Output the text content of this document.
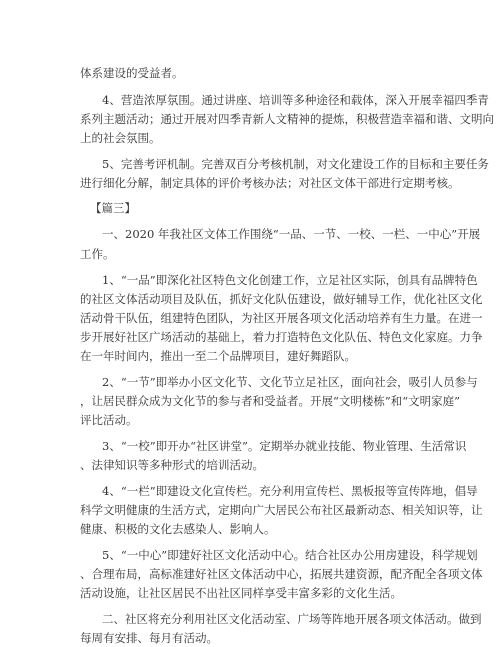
体系建设的受益者。
4、营造浓厚氛围。通过讲座、培训等多种途径和载体，深入开展幸福四季青
系列主题活动；通过开展对四季青新人文精神的提炼，积极营造幸福和谐、文明向
上的社会氛围。
5、完善考评机制。完善双百分考核机制，对文化建设工作的目标和主要任务
进行细化分解，制定具体的评价考核办法；对社区文体干部进行定期考核。
【篇三】
一、2020 年我社区文体工作围绕“一品、一节、一校、一栏、一中心”开展
工作。
1、“一品”即深化社区特色文化创建工作，立足社区实际，创具有品牌特色
的社区文体活动项目及队伍，抓好文化队伍建设，做好辅导工作，优化社区文化
活动骨干队伍，组建特色团队，为社区开展各项文化活动培养有生力量。在进一
步开展好社区广场活动的基础上，着力打造特色文化队伍、特色文化家庭。力争
在一年时间内，推出一至二个品牌项目，建好舞蹈队。
2、“一节”即举办小区文化节、文化节立足社区，面向社会，吸引人员参与
，让居民群众成为文化节的参与者和受益者。开展“文明楼栋”和“文明家庭”
评比活动。
3、“一校”即开办“社区讲堂”。定期举办就业技能、物业管理、生活常识
、法律知识等多种形式的培训活动。
4、“一栏”即建设文化宣传栏。充分利用宣传栏、黑板报等宣传阵地，倡导
科学文明健康的生活方式，定期向广大居民公布社区最新动态、相关知识等，让
健康、积极的文化去感染人、影响人。
5、“一中心”即建好社区文化活动中心。结合社区办公用房建设，科学规划
、合理布局，高标准建好社区文体活动中心，拓展共建资源，配齐配全各项文体
活动设施，让社区居民不出社区同样享受丰富多彩的文化生活。
二、社区将充分利用社区文化活动室、广场等阵地开展各项文体活动。做到
每周有安排、每月有活动。
